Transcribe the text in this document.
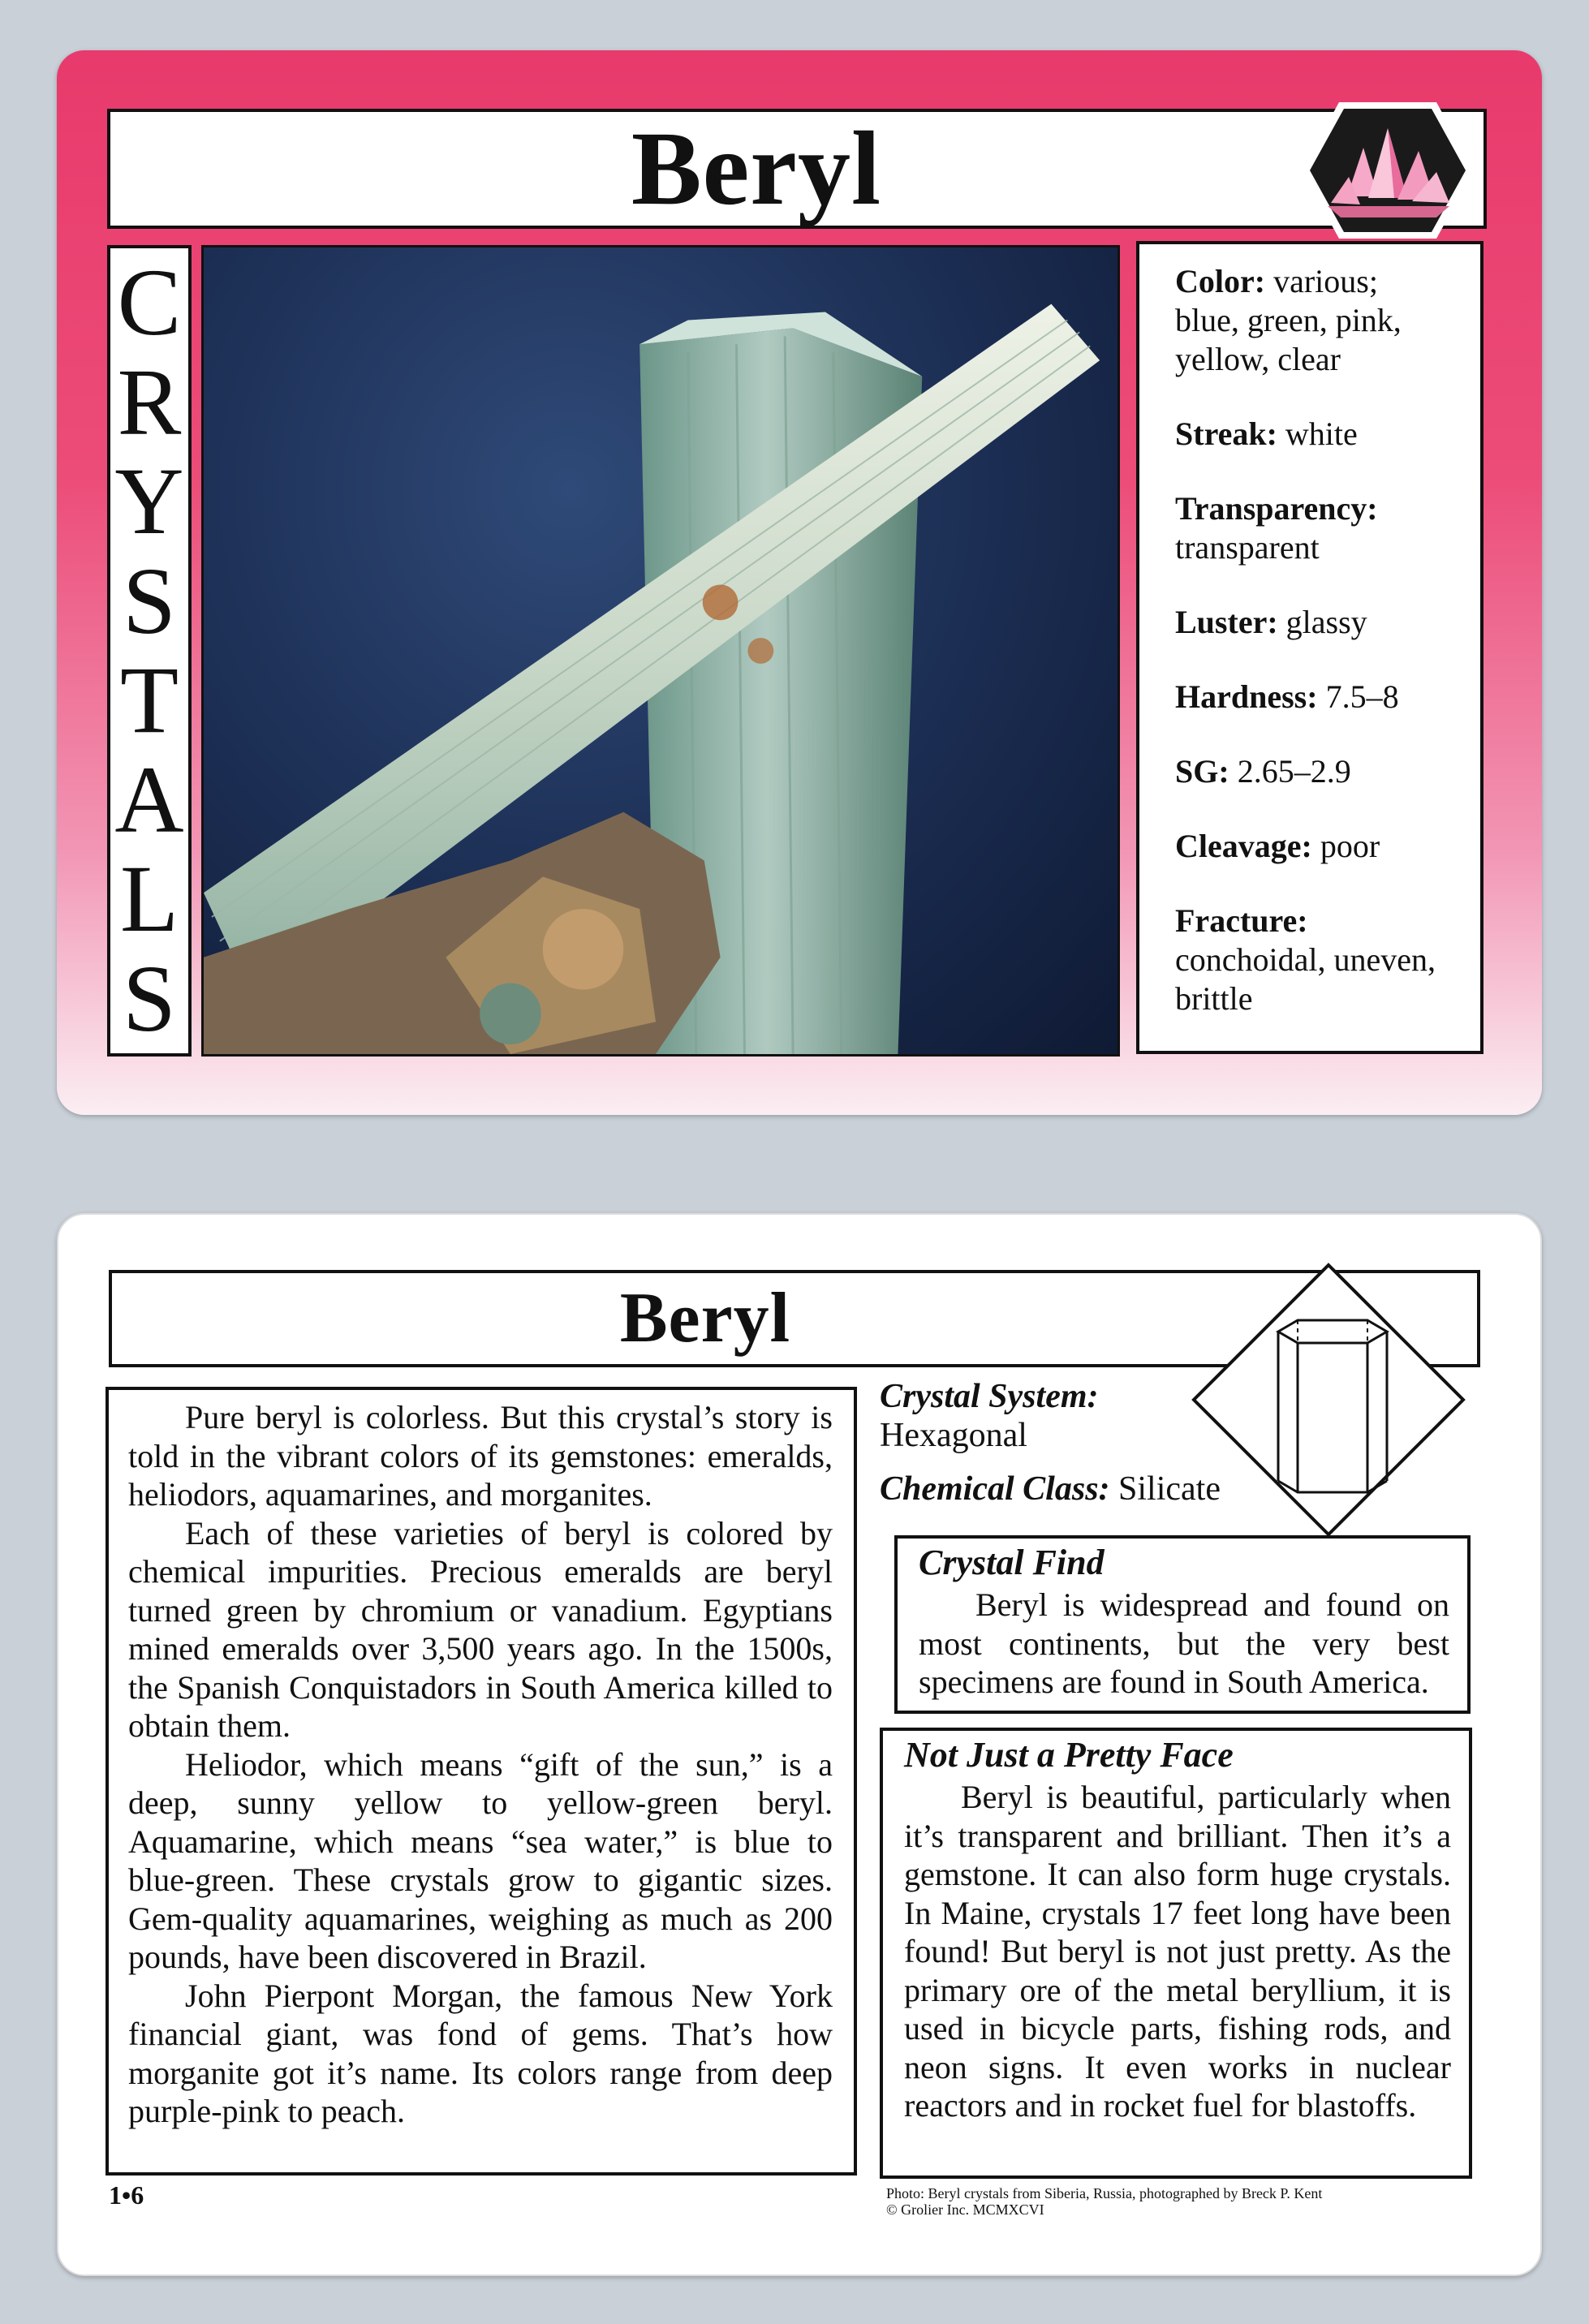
Beryl
C
R
Y
S
T
A
L
S
Color: various; blue, green, pink, yellow, clear
Streak: white
Transparency: transparent
Luster: glassy
Hardness: 7.5–8
SG: 2.65–2.9
Cleavage: poor
Fracture: conchoidal, uneven, brittle
Beryl

Pure beryl is colorless. But this crystal’s story is told in the vibrant colors of its gemstones: emeralds, heliodors, aquamarines, and morganites.

Each of these varieties of beryl is colored by chemical impurities. Precious emeralds are beryl turned green by chromium or vanadium. Egyptians mined emeralds over 3,500 years ago. In the 1500s, the Spanish Conquistadors in South America killed to obtain them.

Heliodor, which means “gift of the sun,” is a deep, sunny yellow to yellow-green beryl. Aquamarine, which means “sea water,” is blue to blue-green. These crystals grow to gigantic sizes. Gem-quality aquamarines, weighing as much as 200 pounds, have been discovered in Brazil.

John Pierpont Morgan, the famous New York financial giant, was fond of gems. That’s how morganite got it’s name. Its colors range from deep purple-pink to peach.

Crystal System:
Hexagonal
Chemical Class: Silicate
Crystal Find

Beryl is widespread and found on most continents, but the very best specimens are found in South America.

Not Just a Pretty Face

Beryl is beautiful, particularly when it’s transparent and brilliant. Then it’s a gemstone. It can also form huge crystals. In Maine, crystals 17 feet long have been found! But beryl is not just pretty. As the primary ore of the metal beryllium, it is used in bicycle parts, fishing rods, and neon signs. It even works in nuclear reactors and in rocket fuel for blastoffs.

1•6	Photo: Beryl crystals from Siberia, Russia, photographed by Breck P. Kent
© Grolier Inc. MCMXCVI
